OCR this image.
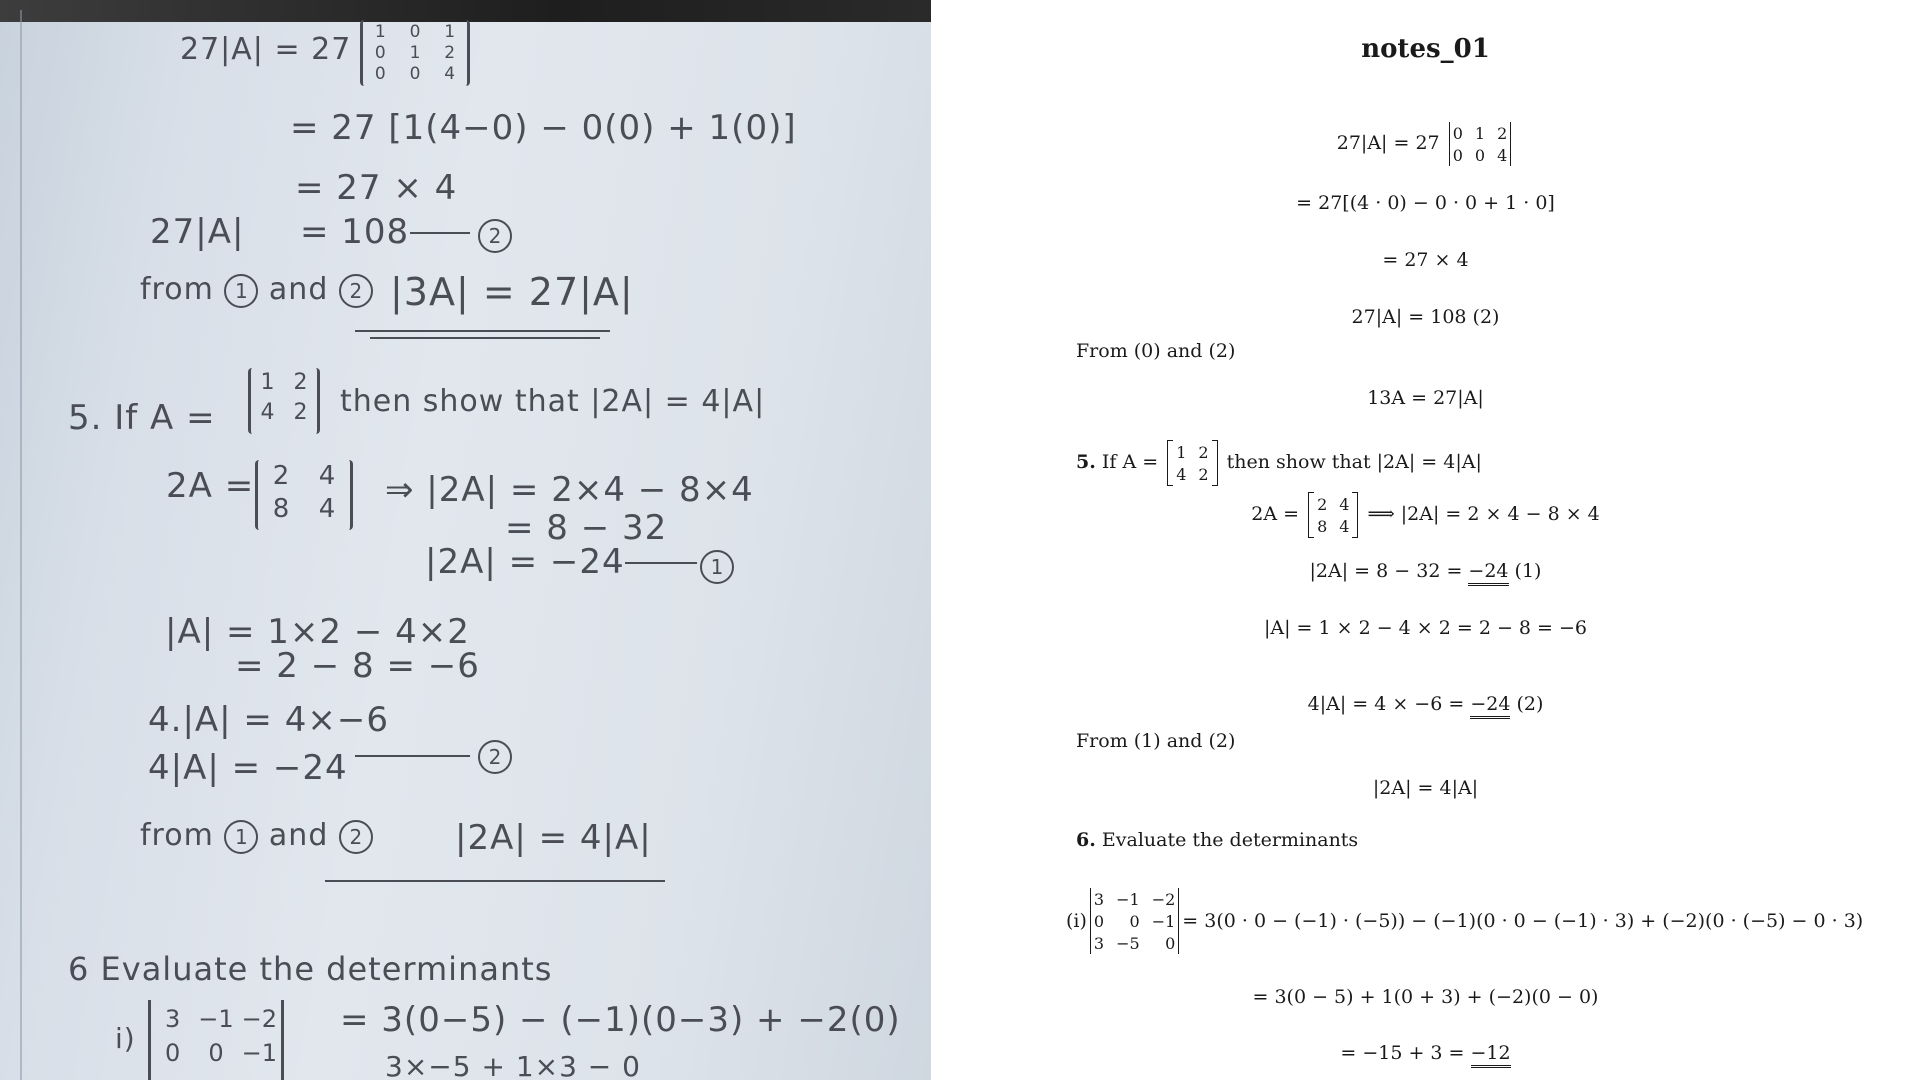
27|A| = 27	1	0	1
0	1	2
0	0	4
= 27 [1(4−0) − 0(0) + 1(0)]
= 27 × 4
27|A| = 108	2
from 1 and 2 |3A| = 27|A|
5. If A =
1 2
4 2	then show that |2A| = 4|A|
2A = 2	4
8	4	⇒ |2A| = 2×4 − 8×4
= 8 − 32
|2A| = −24	1
|A| = 1×2 − 4×2
= 2 − 8 = −6
4.|A| = 4×−6
4|A| = −24	2
from 1 and 2	|2A| = 4|A|
6 Evaluate the determinants
i)
3 −1 −2
0	0 −1
= 3(0−5) − (−1)(0−3) + −2(0)
3×−5 + 1×3 − 0
notes_01
27|A| = 27 0 1 2
0 0 4
= 27[(4 · 0) − 0 · 0 + 1 · 0]
= 27 × 4
27|A| = 108 (2)
From (0) and (2)
13A = 27|A|
5. If A = 1 2
4 2
then show that |2A| = 4|A|
2A = 2 4
8 4
⟹ |2A| = 2 × 4 − 8 × 4
|2A| = 8 − 32 = −24 (1)
|A| = 1 × 2 − 4 × 2 = 2 − 8 = −6
4|A| = 4 × −6 = −24 (2)
From (1) and (2)
|2A| = 4|A|
6. Evaluate the determinants
(i)
3 −1 −2
0	0 −1
3 −5	0
= 3(0 · 0 − (−1) · (−5)) − (−1)(0 · 0 − (−1) · 3) + (−2)(0 · (−5) − 0 · 3)
= 3(0 − 5) + 1(0 + 3) + (−2)(0 − 0)
= −15 + 3 = −12
